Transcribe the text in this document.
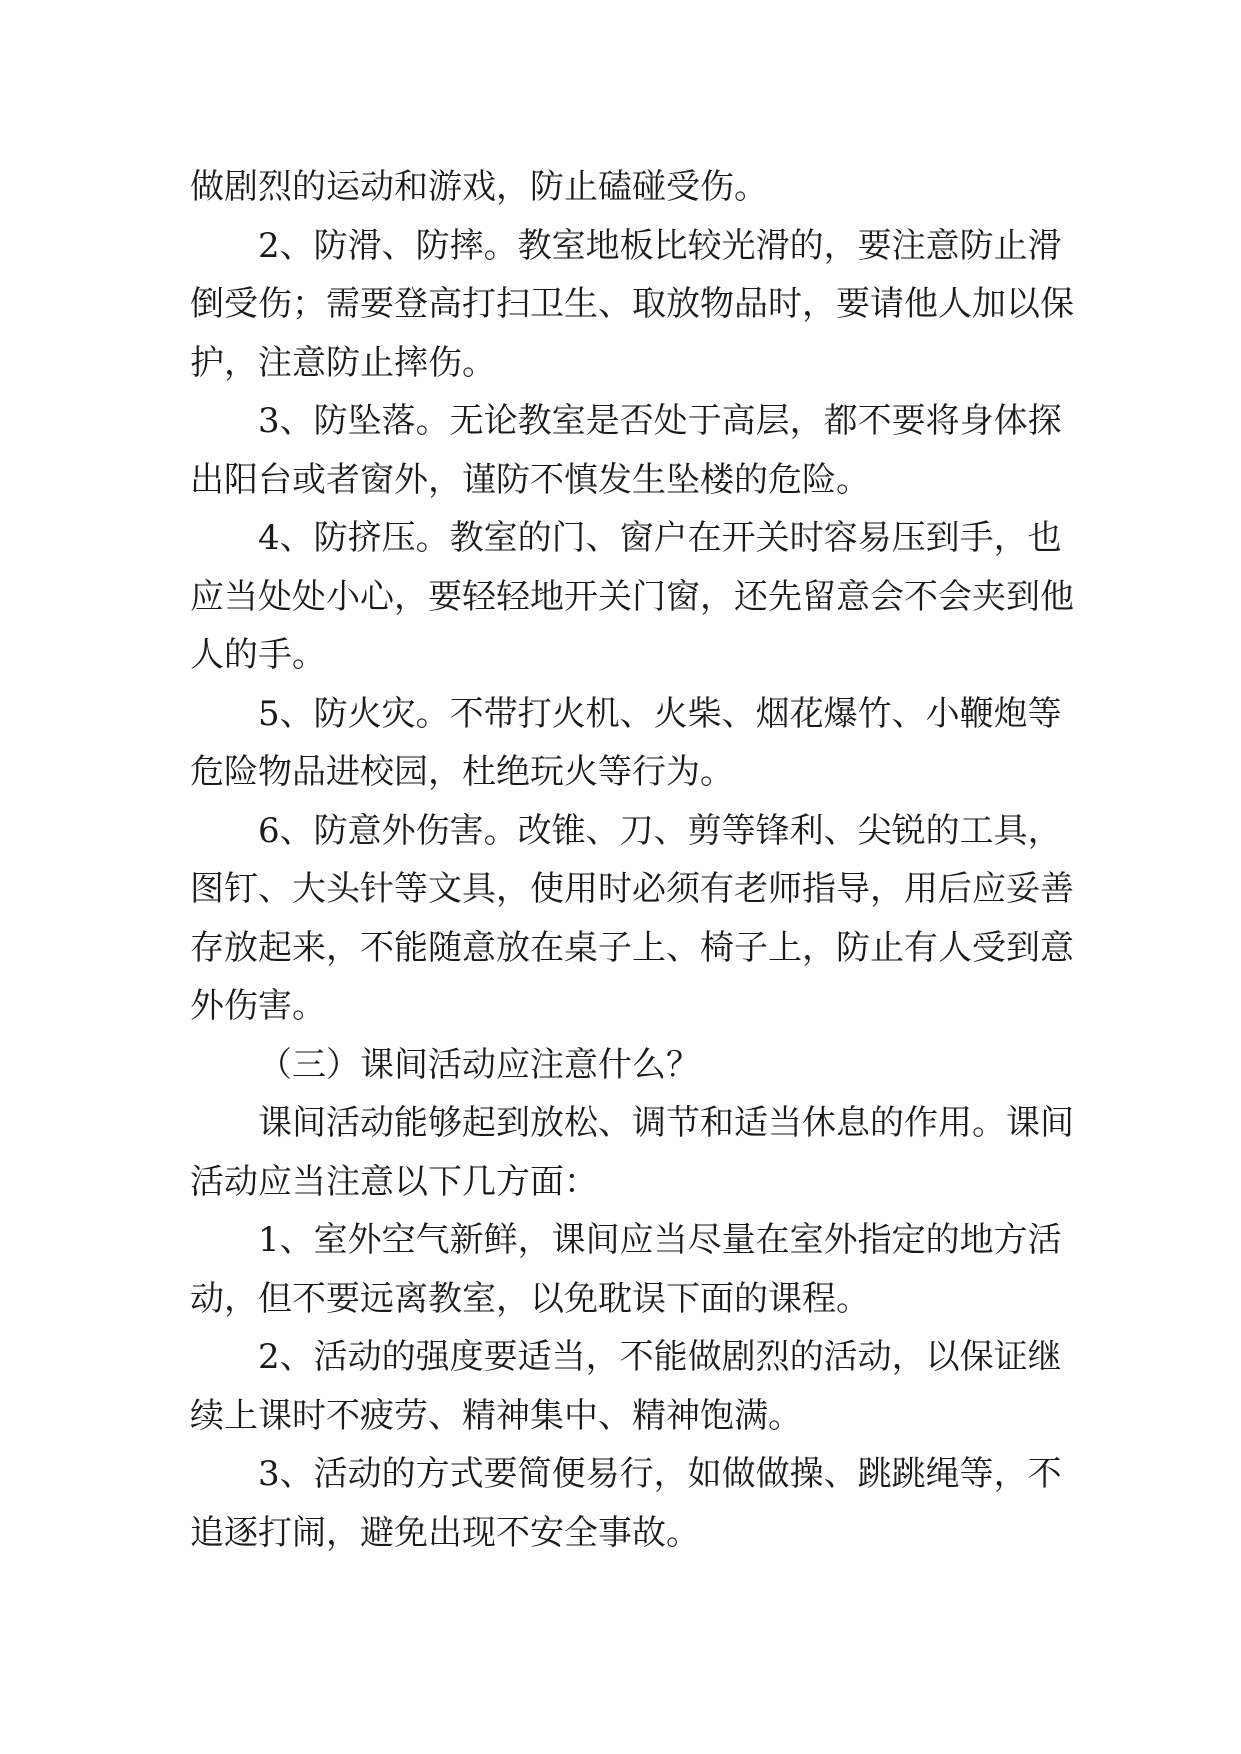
做剧烈的运动和游戏，防止磕碰受伤。
2、防滑、防摔。教室地板比较光滑的，要注意防止滑
倒受伤；需要登高打扫卫生、取放物品时，要请他人加以保
护，注意防止摔伤。
3、防坠落。无论教室是否处于高层，都不要将身体探
出阳台或者窗外，谨防不慎发生坠楼的危险。
4、防挤压。教室的门、窗户在开关时容易压到手，也
应当处处小心，要轻轻地开关门窗，还先留意会不会夹到他
人的手。
5、防火灾。不带打火机、火柴、烟花爆竹、小鞭炮等
危险物品进校园，杜绝玩火等行为。
6、防意外伤害。改锥、刀、剪等锋利、尖锐的工具，
图钉、大头针等文具，使用时必须有老师指导，用后应妥善
存放起来，不能随意放在桌子上、椅子上，防止有人受到意
外伤害。
（三）课间活动应注意什么？
课间活动能够起到放松、调节和适当休息的作用。课间
活动应当注意以下几方面：
1、室外空气新鲜，课间应当尽量在室外指定的地方活
动，但不要远离教室，以免耽误下面的课程。
2、活动的强度要适当，不能做剧烈的活动，以保证继
续上课时不疲劳、精神集中、精神饱满。
3、活动的方式要简便易行，如做做操、跳跳绳等，不
追逐打闹，避免出现不安全事故。
